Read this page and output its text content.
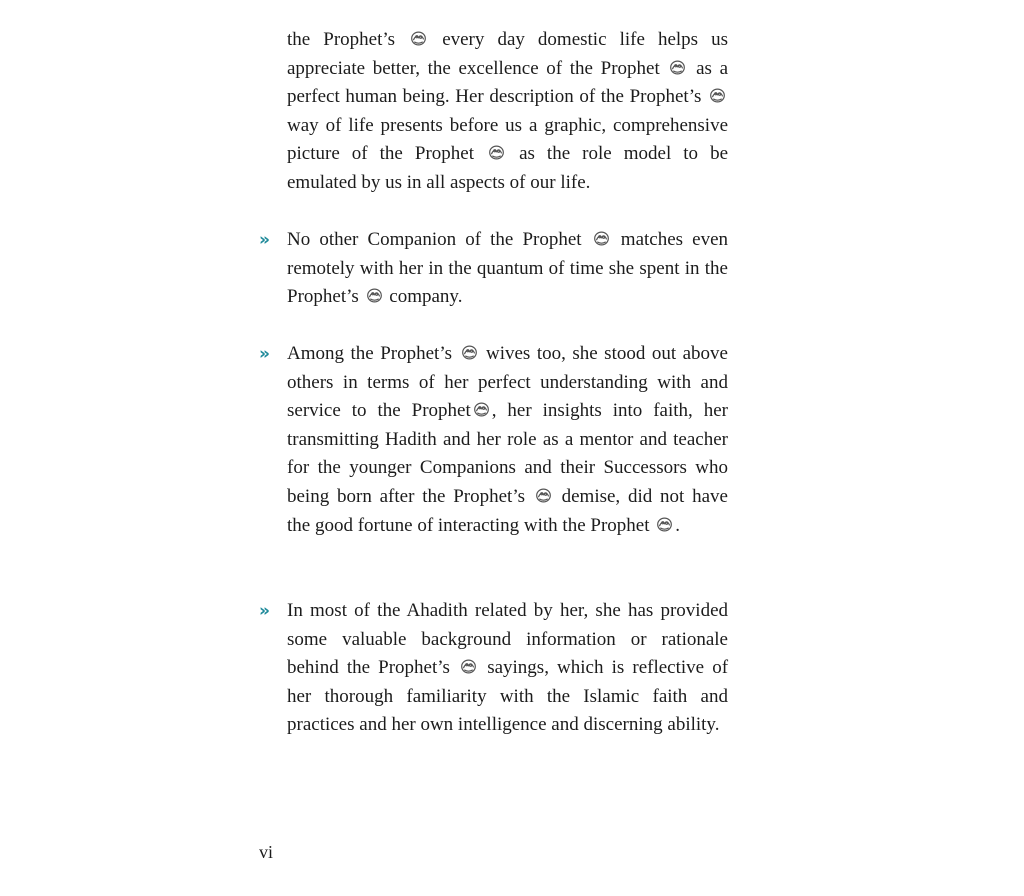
the Prophet’s every day domestic life helps us appreciate better, the excellence of the Prophet as a perfect human being. Her description of the Prophet’s
way of life presents before us a graphic, comprehensive picture of the Prophet as the role model to be emulated by us in all aspects of our life.
» No other Companion of the Prophet matches even remotely with her in the quantum of time she spent in the Prophet’s company.
» Among the Prophet’s wives too, she stood out above others in terms of her perfect understanding with and service to the Prophet , her insights into faith, her transmitting Hadith and her role as a mentor and teacher for the younger Companions and their Successors who being born after the Prophet’s demise, did not have the good fortune of interacting with the Prophet .
» In most of the Ahadith related by her, she has provided some valuable background information or rationale behind the Prophet’s sayings, which is reflective of her thorough familiarity with the Islamic faith and practices and her own intelligence and discerning ability.
vi
